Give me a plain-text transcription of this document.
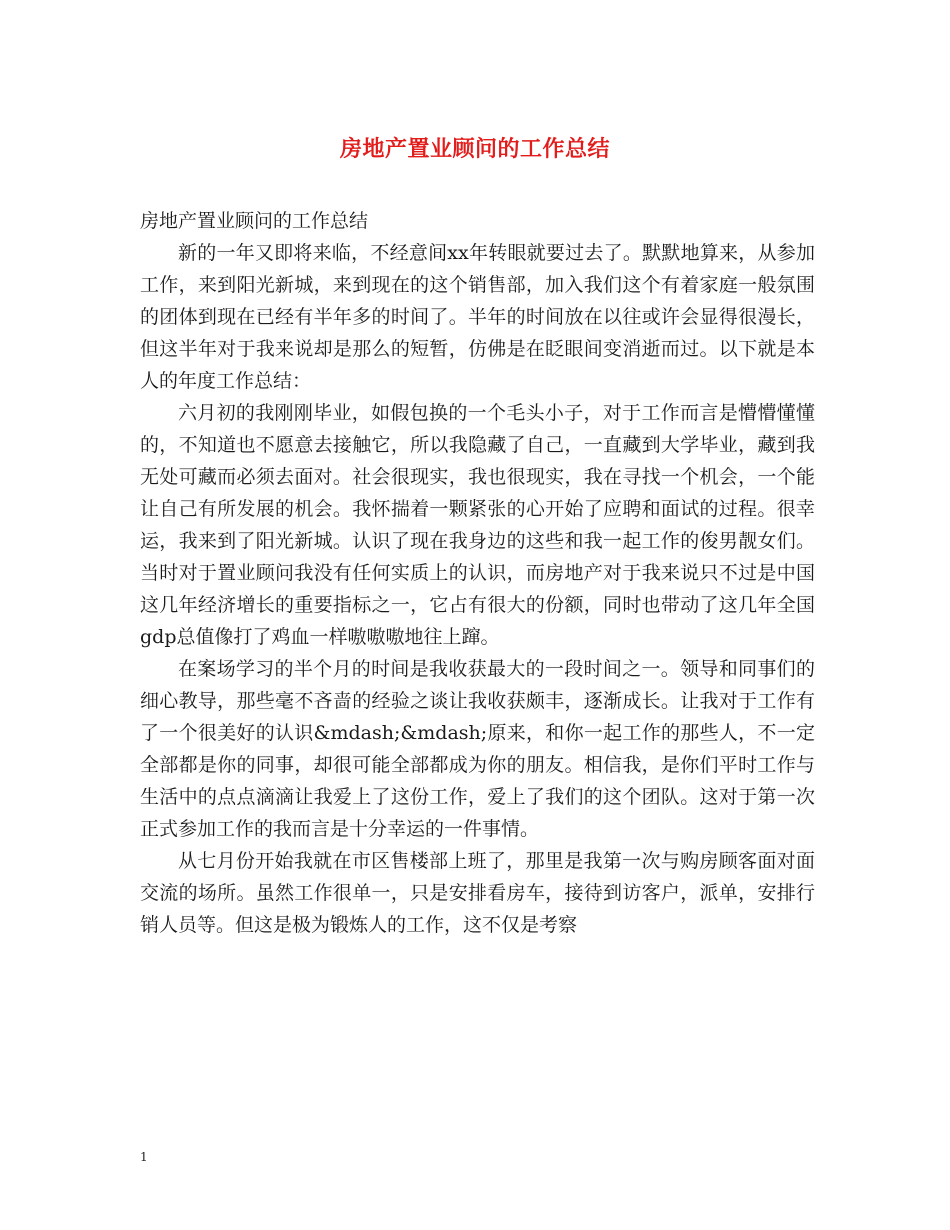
房地产置业顾问的工作总结

房地产置业顾问的工作总结

新的一年又即将来临，不经意间xx年转眼就要过去了。默默地算来，从参加工作，来到阳光新城，来到现在的这个销售部，加入我们这个有着家庭一般氛围的团体到现在已经有半年多的时间了。半年的时间放在以往或许会显得很漫长，但这半年对于我来说却是那么的短暂，仿佛是在眨眼间变消逝而过。以下就是本人的年度工作总结：

六月初的我刚刚毕业，如假包换的一个毛头小子，对于工作而言是懵懵懂懂的，不知道也不愿意去接触它，所以我隐藏了自己，一直藏到大学毕业，藏到我无处可藏而必须去面对。社会很现实，我也很现实，我在寻找一个机会，一个能让自己有所发展的机会。我怀揣着一颗紧张的心开始了应聘和面试的过程。很幸运，我来到了阳光新城。认识了现在我身边的这些和我一起工作的俊男靓女们。当时对于置业顾问我没有任何实质上的认识，而房地产对于我来说只不过是中国这几年经济增长的重要指标之一，它占有很大的份额，同时也带动了这几年全国gdp总值像打了鸡血一样嗷嗷嗷地往上蹿。

在案场学习的半个月的时间是我收获最大的一段时间之一。领导和同事们的细心教导，那些毫不吝啬的经验之谈让我收获颇丰，逐渐成长。让我对于工作有了一个很美好的认识&mdash;&mdash;原来，和你一起工作的那些人，不一定全部都是你的同事，却很可能全部都成为你的朋友。相信我，是你们平时工作与生活中的点点滴滴让我爱上了这份工作，爱上了我们的这个团队。这对于第一次正式参加工作的我而言是十分幸运的一件事情。

从七月份开始我就在市区售楼部上班了，那里是我第一次与购房顾客面对面交流的场所。虽然工作很单一，只是安排看房车，接待到访客户，派单，安排行销人员等。但这是极为锻炼人的工作，这不仅是考察

1
